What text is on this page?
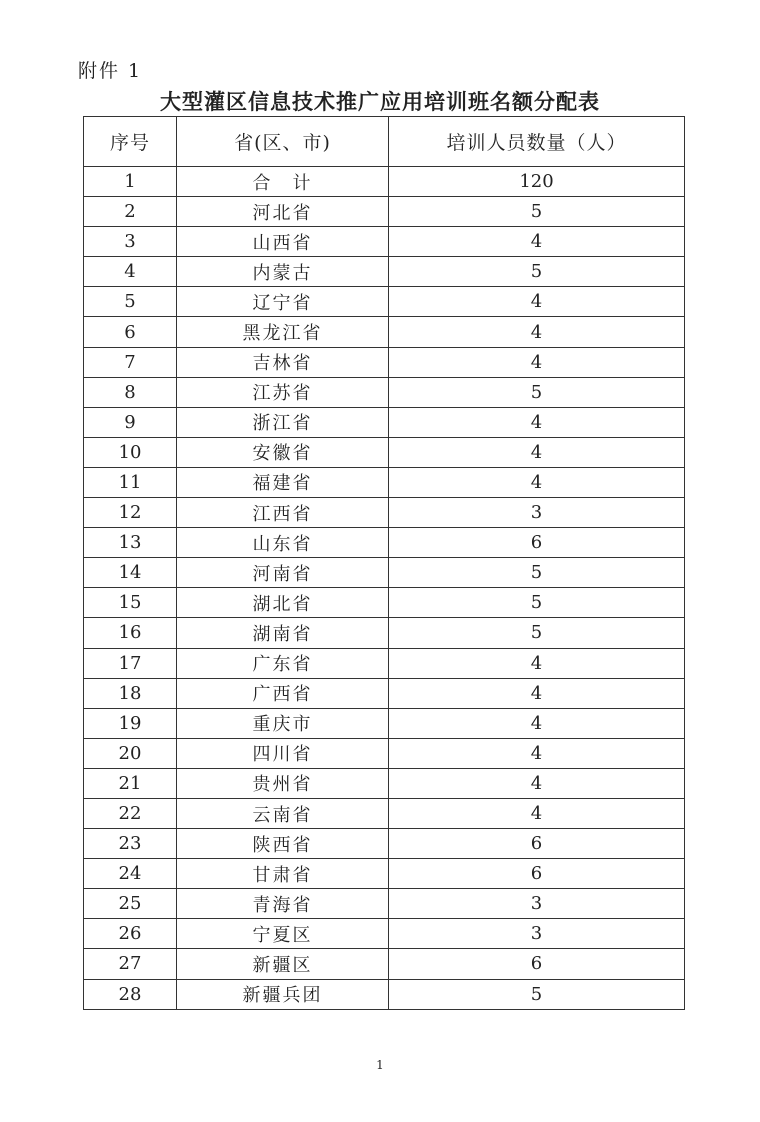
附件 1
大型灌区信息技术推广应用培训班名额分配表
序号	省(区、市)	培训人员数量（人）
1	合　计	120
2	河北省	5
3	山西省	4
4	内蒙古	5
5	辽宁省	4
6	黑龙江省	4
7	吉林省	4
8	江苏省	5
9	浙江省	4
10	安徽省	4
11	福建省	4
12	江西省	3
13	山东省	6
14	河南省	5
15	湖北省	5
16	湖南省	5
17	广东省	4
18	广西省	4
19	重庆市	4
20	四川省	4
21	贵州省	4
22	云南省	4
23	陕西省	6
24	甘肃省	6
25	青海省	3
26	宁夏区	3
27	新疆区	6
28	新疆兵团	5
1
